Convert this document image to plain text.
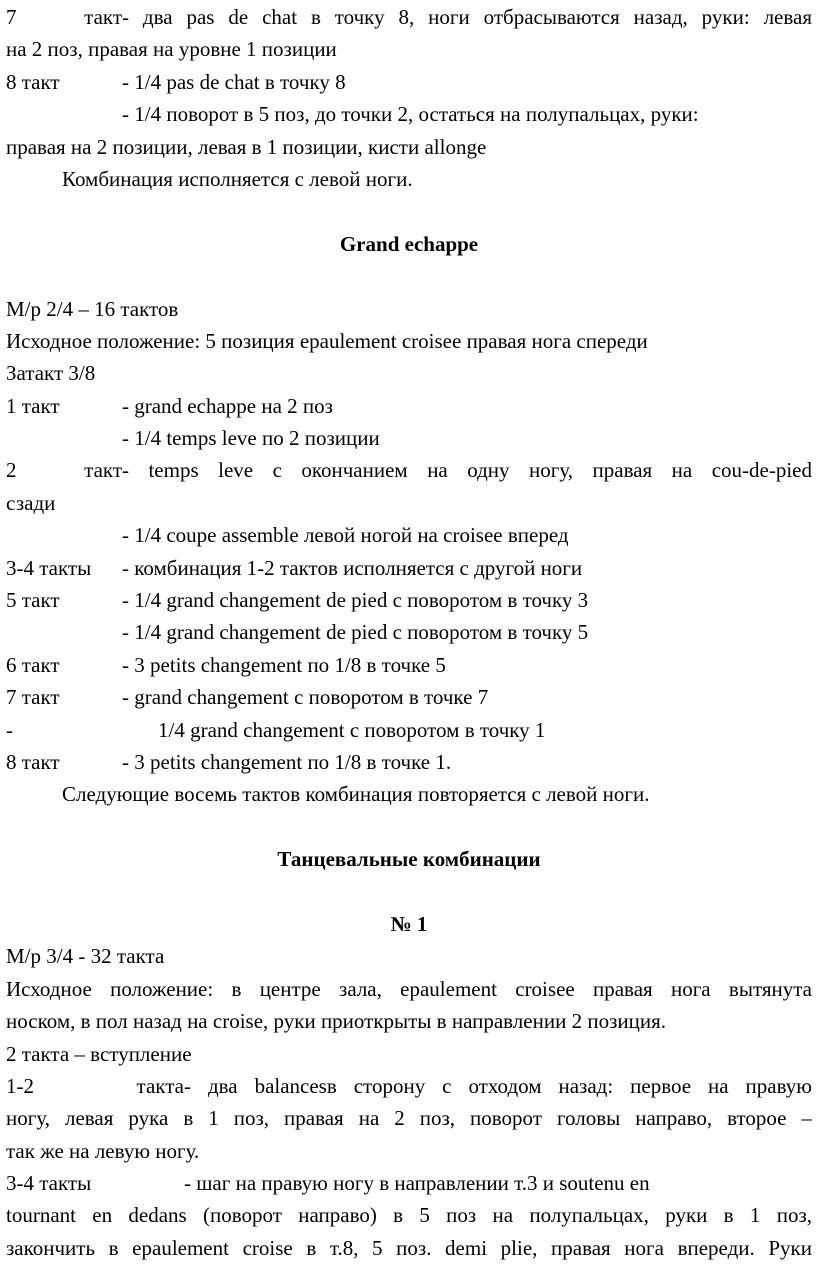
7 такт- два pas de chat в точку 8, ноги отбрасываются назад, руки: левая
на 2 поз, правая на уровне 1 позиции
8 такт	- 1/4 pas de chat в точку 8
- 1/4 поворот в 5 поз, до точки 2, остаться на полупальцах, руки:
правая на 2 позиции, левая в 1 позиции, кисти allonge
Комбинация исполняется с левой ноги.
Grand echappe
М/р 2/4 – 16 тактов
Исходное положение: 5 позиция epaulement croisee правая нога спереди
Затакт 3/8
1 такт	- grand echappe на 2 поз
- 1/4 temps leve по 2 позиции
2 такт- temps leve с окончанием на одну ногу, правая на cou-de-pied
сзади
- 1/4 coupe assemble левой ногой на croisee вперед
3-4 такты - комбинация 1-2 тактов исполняется с другой ноги
5 такт	- 1/4 grand changement de pied с поворотом в точку 3
- 1/4 grand changement de pied с поворотом в точку 5
6 такт	- 3 petits changement по 1/8 в точке 5
7 такт	- grand changement с поворотом в точке 7
-	1/4 grand changement с поворотом в точку 1
8 такт	- 3 petits changement по 1/8 в точке 1.
Следующие восемь тактов комбинация повторяется с левой ноги.
Танцевальные комбинации
№ 1
М/р 3/4 - 32 такта
Исходное положение: в центре зала, epaulement croisee правая нога вытянута
носком, в пол назад на croise, руки приоткрыты в направлении 2 позиция.
2 такта – вступление
1-2 такта- два balancesв сторону с отходом назад: первое на правую
ногу, левая рука в 1 поз, правая на 2 поз, поворот головы направо, второе –
так же на левую ногу.
3-4 такты	- шаг на правую ногу в направлении т.3 и soutenu en
tournant en dedans (поворот направо) в 5 поз на полупальцах, руки в 1 поз,
закончить в epaulement croise в т.8, 5 поз. demi plie, правая нога впереди. Руки
